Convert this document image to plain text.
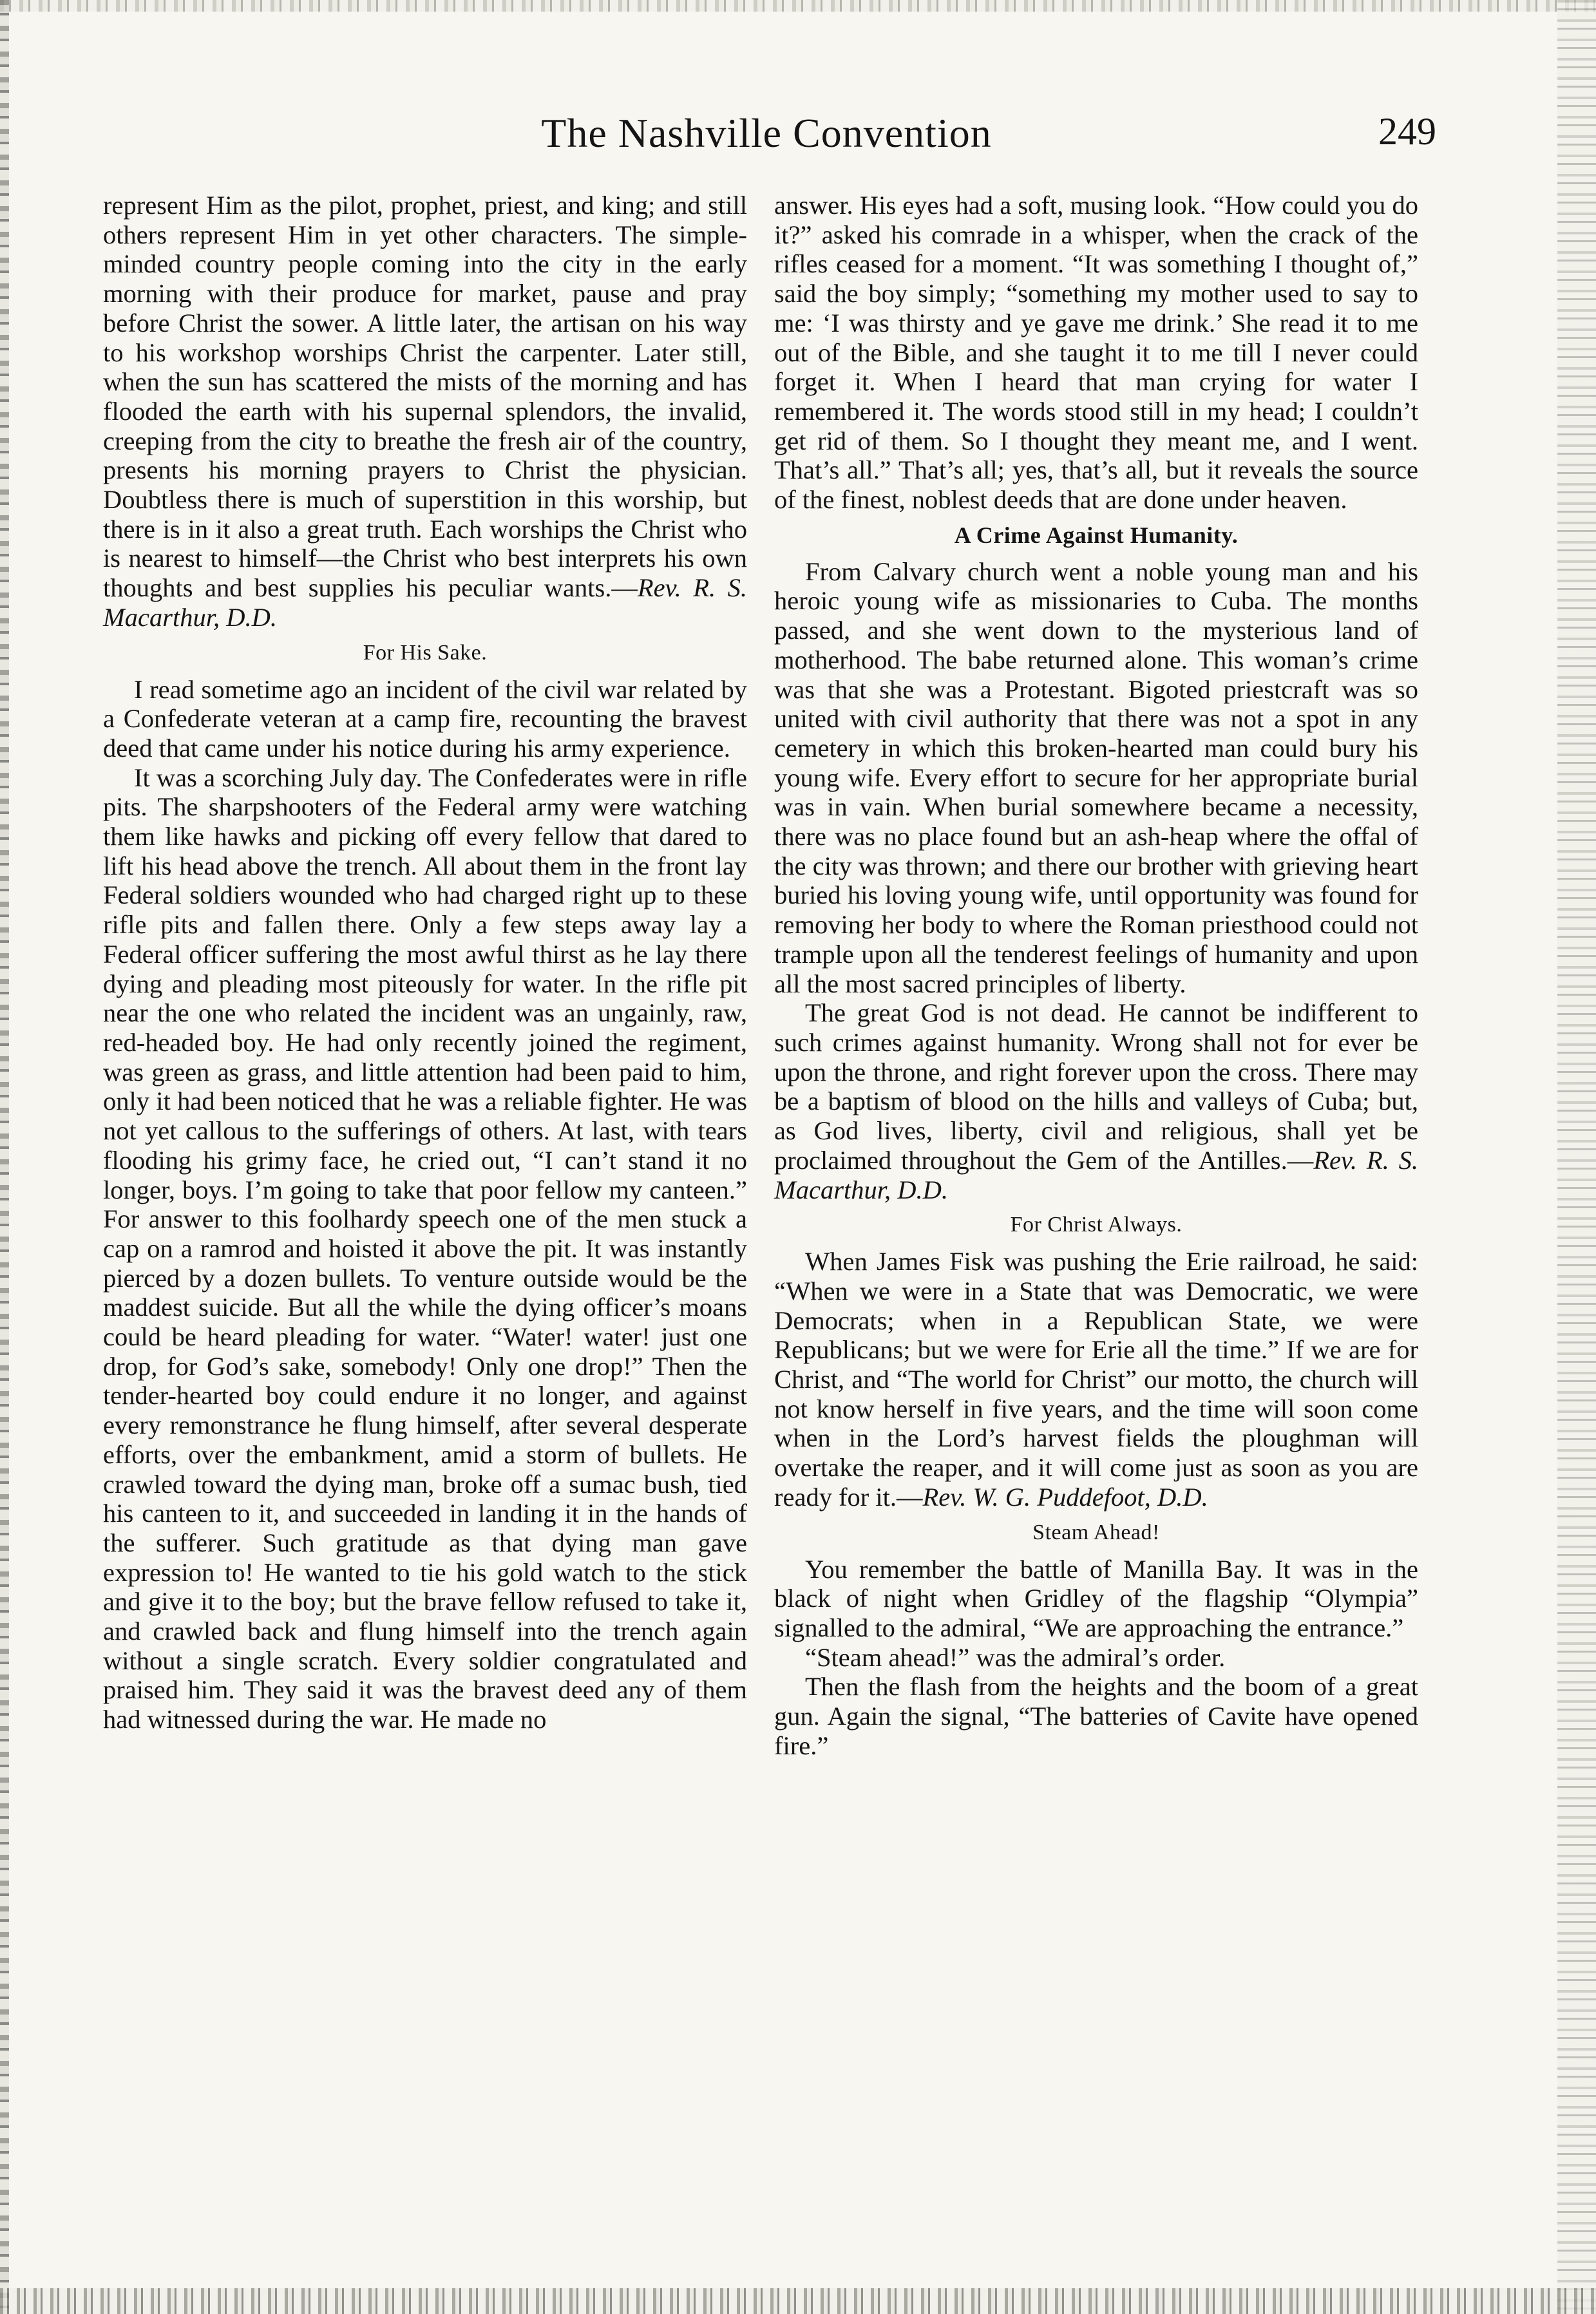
The Nashville Convention	249

represent Him as the pilot, prophet, priest, and king; and still others represent Him in yet other characters. The simple-minded country people coming into the city in the early morning with their produce for market, pause and pray before Christ the sower. A little later, the artisan on his way to his workshop worships Christ the carpenter. Later still, when the sun has scattered the mists of the morning and has flooded the earth with his supernal splendors, the invalid, creeping from the city to breathe the fresh air of the country, presents his morning prayers to Christ the physician. Doubtless there is much of superstition in this worship, but there is in it also a great truth. Each worships the Christ who is nearest to himself—the Christ who best interprets his own thoughts and best supplies his peculiar wants.—Rev. R. S. Macarthur, D.D.

For His Sake.

I read sometime ago an incident of the civil war related by a Confederate veteran at a camp fire, recounting the bravest deed that came under his notice during his army experience.

It was a scorching July day. The Confederates were in rifle pits. The sharpshooters of the Federal army were watching them like hawks and picking off every fellow that dared to lift his head above the trench. All about them in the front lay Federal soldiers wounded who had charged right up to these rifle pits and fallen there. Only a few steps away lay a Federal officer suffering the most awful thirst as he lay there dying and pleading most piteously for water. In the rifle pit near the one who related the incident was an ungainly, raw, red-headed boy. He had only recently joined the regiment, was green as grass, and little attention had been paid to him, only it had been noticed that he was a reliable fighter. He was not yet callous to the sufferings of others. At last, with tears flooding his grimy face, he cried out, “I can’t stand it no longer, boys. I’m going to take that poor fellow my canteen.” For answer to this foolhardy speech one of the men stuck a cap on a ramrod and hoisted it above the pit. It was instantly pierced by a dozen bullets. To venture outside would be the maddest suicide. But all the while the dying officer’s moans could be heard pleading for water. “Water! water! just one drop, for God’s sake, somebody! Only one drop!” Then the tender-hearted boy could endure it no longer, and against every remonstrance he flung himself, after several desperate efforts, over the embankment, amid a storm of bullets. He crawled toward the dying man, broke off a sumac bush, tied his canteen to it, and succeeded in landing it in the hands of the sufferer. Such gratitude as that dying man gave expression to! He wanted to tie his gold watch to the stick and give it to the boy; but the brave fellow refused to take it, and crawled back and flung himself into the trench again without a single scratch. Every soldier congratulated and praised him. They said it was the bravest deed any of them had witnessed during the war. He made no

answer. His eyes had a soft, musing look. “How could you do it?” asked his comrade in a whisper, when the crack of the rifles ceased for a moment. “It was something I thought of,” said the boy simply; “something my mother used to say to me: ‘I was thirsty and ye gave me drink.’ She read it to me out of the Bible, and she taught it to me till I never could forget it. When I heard that man crying for water I remembered it. The words stood still in my head; I couldn’t get rid of them. So I thought they meant me, and I went. That’s all.” That’s all; yes, that’s all, but it reveals the source of the finest, noblest deeds that are done under heaven.

A Crime Against Humanity.

From Calvary church went a noble young man and his heroic young wife as missionaries to Cuba. The months passed, and she went down to the mysterious land of motherhood. The babe returned alone. This woman’s crime was that she was a Protestant. Bigoted priestcraft was so united with civil authority that there was not a spot in any cemetery in which this broken-hearted man could bury his young wife. Every effort to secure for her appropriate burial was in vain. When burial somewhere became a necessity, there was no place found but an ash-heap where the offal of the city was thrown; and there our brother with grieving heart buried his loving young wife, until opportunity was found for removing her body to where the Roman priesthood could not trample upon all the tenderest feelings of humanity and upon all the most sacred principles of liberty.

The great God is not dead. He cannot be indifferent to such crimes against humanity. Wrong shall not for ever be upon the throne, and right forever upon the cross. There may be a baptism of blood on the hills and valleys of Cuba; but, as God lives, liberty, civil and religious, shall yet be proclaimed throughout the Gem of the Antilles.—Rev. R. S. Macarthur, D.D.

For Christ Always.

When James Fisk was pushing the Erie railroad, he said: “When we were in a State that was Democratic, we were Democrats; when in a Republican State, we were Republicans; but we were for Erie all the time.” If we are for Christ, and “The world for Christ” our motto, the church will not know herself in five years, and the time will soon come when in the Lord’s harvest fields the ploughman will overtake the reaper, and it will come just as soon as you are ready for it.—Rev. W. G. Puddefoot, D.D.

Steam Ahead!

You remember the battle of Manilla Bay. It was in the black of night when Gridley of the flagship “Olympia” signalled to the admiral, “We are approaching the entrance.”

“Steam ahead!” was the admiral’s order.

Then the flash from the heights and the boom of a great gun. Again the signal, “The batteries of Cavite have opened fire.”
